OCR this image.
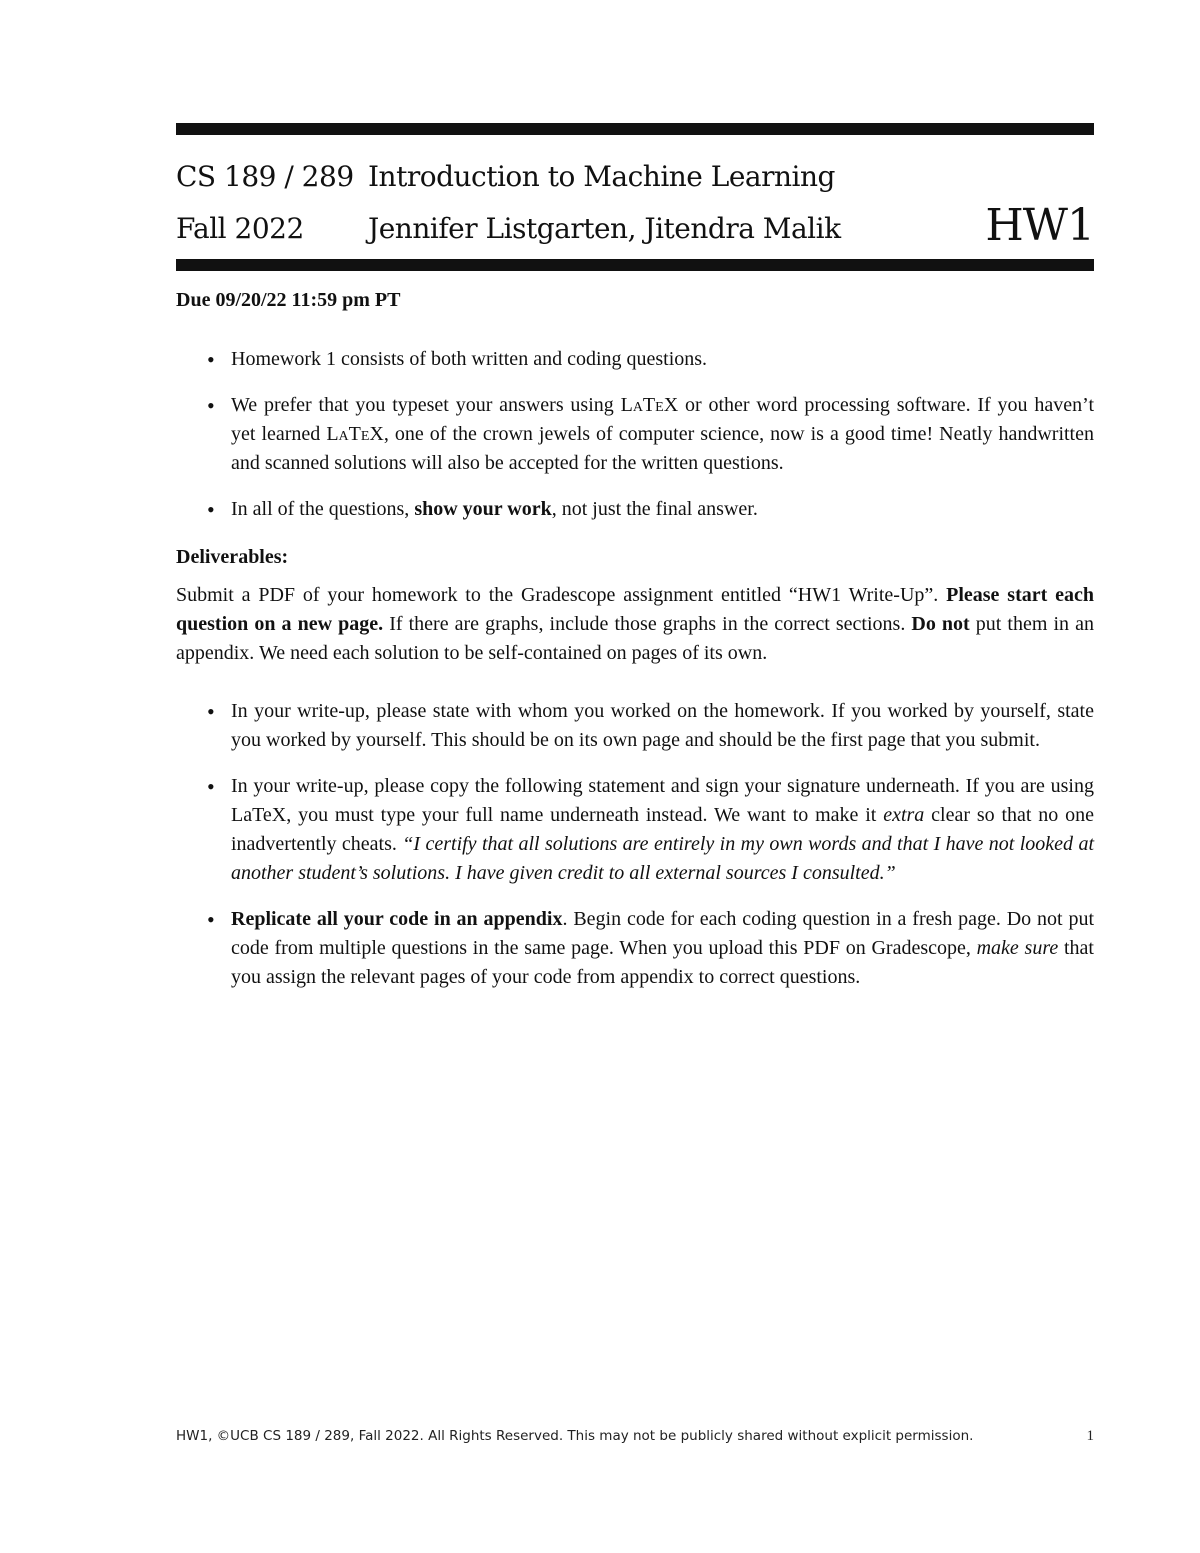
CS 189 / 289 Introduction to Machine Learning
Fall 2022 Jennifer Listgarten, Jitendra Malik	HW1

Due 09/20/22 11:59 pm PT

• Homework 1 consists of both written and coding questions.
• We prefer that you typeset your answers using LaTeX or other word processing software. If you haven’t yet learned LaTeX, one of the crown jewels of computer science, now is a good time! Neatly handwritten and scanned solutions will also be accepted for the written questions.
• In all of the questions, show your work, not just the final answer.

Deliverables:

Submit a PDF of your homework to the Gradescope assignment entitled “HW1 Write-Up”. Please start each question on a new page. If there are graphs, include those graphs in the correct sections. Do not put them in an appendix. We need each solution to be self-contained on pages of its own.

• In your write-up, please state with whom you worked on the homework. If you worked by yourself, state you worked by yourself. This should be on its own page and should be the first page that you submit.
• In your write-up, please copy the following statement and sign your signature underneath. If you are using LaTeX, you must type your full name underneath instead. We want to make it extra clear so that no one inadvertently cheats. “I certify that all solutions are entirely in my own words and that I have not looked at another student’s solutions. I have given credit to all external sources I consulted.”
• Replicate all your code in an appendix. Begin code for each coding question in a fresh page. Do not put code from multiple questions in the same page. When you upload this PDF on Gradescope, make sure that you assign the relevant pages of your code from appendix to correct questions.
HW1, ©UCB CS 189 / 289, Fall 2022. All Rights Reserved. This may not be publicly shared without explicit permission.	1
